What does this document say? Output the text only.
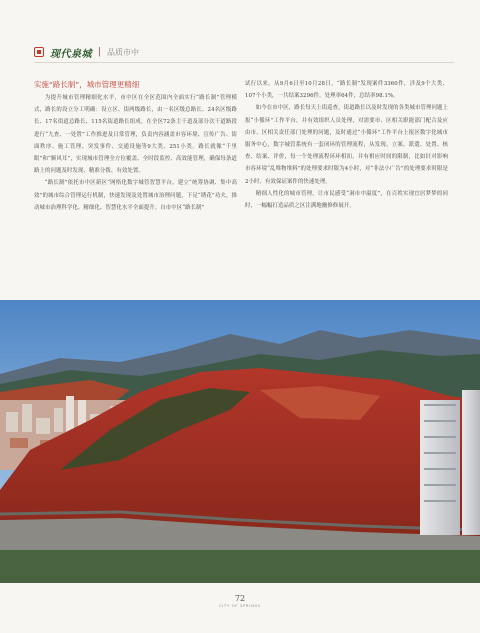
现代泉城 | 品质市中

实施“路长制”，城市管理更精细

为提升城市管理精细化水平，市中区在全区范围内全面实行“路长制”管理模式，路长的设立分工明确：设立区、街两级路长，由一名区级总路长、24名区级路长、17名街道总路长、115名街道路长组成。在全区72条主干道及部分次干道路段进行“九查、一处置”工作推进及日常管理，负责内容涵盖市容环境、宣传广告、街面秩序、施工管理、突发事件、交通设施等9大类、251小类。路长就像“千里眼”和“顺风耳”，实现城市管理全方位覆盖、全时段监控、高效能管理，确保每条道路上的问题及时发现、精准分拨、有效处置。

“路长制”依托市中区新区“网格化数字城管智慧平台，建立“统筹协调、集中高效”的城市综合管理运行机制，快速发现及处置城市治理问题，下足“绣花”功夫，推动城市治理科学化、精细化、智慧化水平全面提升。自市中区“路长制”

试行以来，从9月6日至10月28日，“路长制”发现案件3360件，涉及9个大类、107个小类，一共结案3296件，处理率64件，总结率98.1%。

如今在市中区，路长每天上街巡查，街道路长以及时发现的各类城市管理问题上报“小循环”工作平台，并有效组织人员处理，对需要市、区相关职能部门配合及应由市、区相关责任部门处理的问题，及时通过“小循环”工作平台上报区数字化城市服务中心，数字城管系统有一套闭环的管理流程，从发现、立案、派遣、处置、核查、结案、评价，每一个处理流程环环相扣，并有相应时间的限制，比如针对影响市容环境“乱堆物堆料”的处理要求时限为4小时，对“非法小广告”的处理要求时限是2小时，有效保证案件的快速处理。

精细人性化的城市管理，让市民感受“洞市中温度”，在百姓实现宜居梦梦的同时，一幅幅打造品质之区注满地幽修修展开。

72
CITY OF SPRINGS
